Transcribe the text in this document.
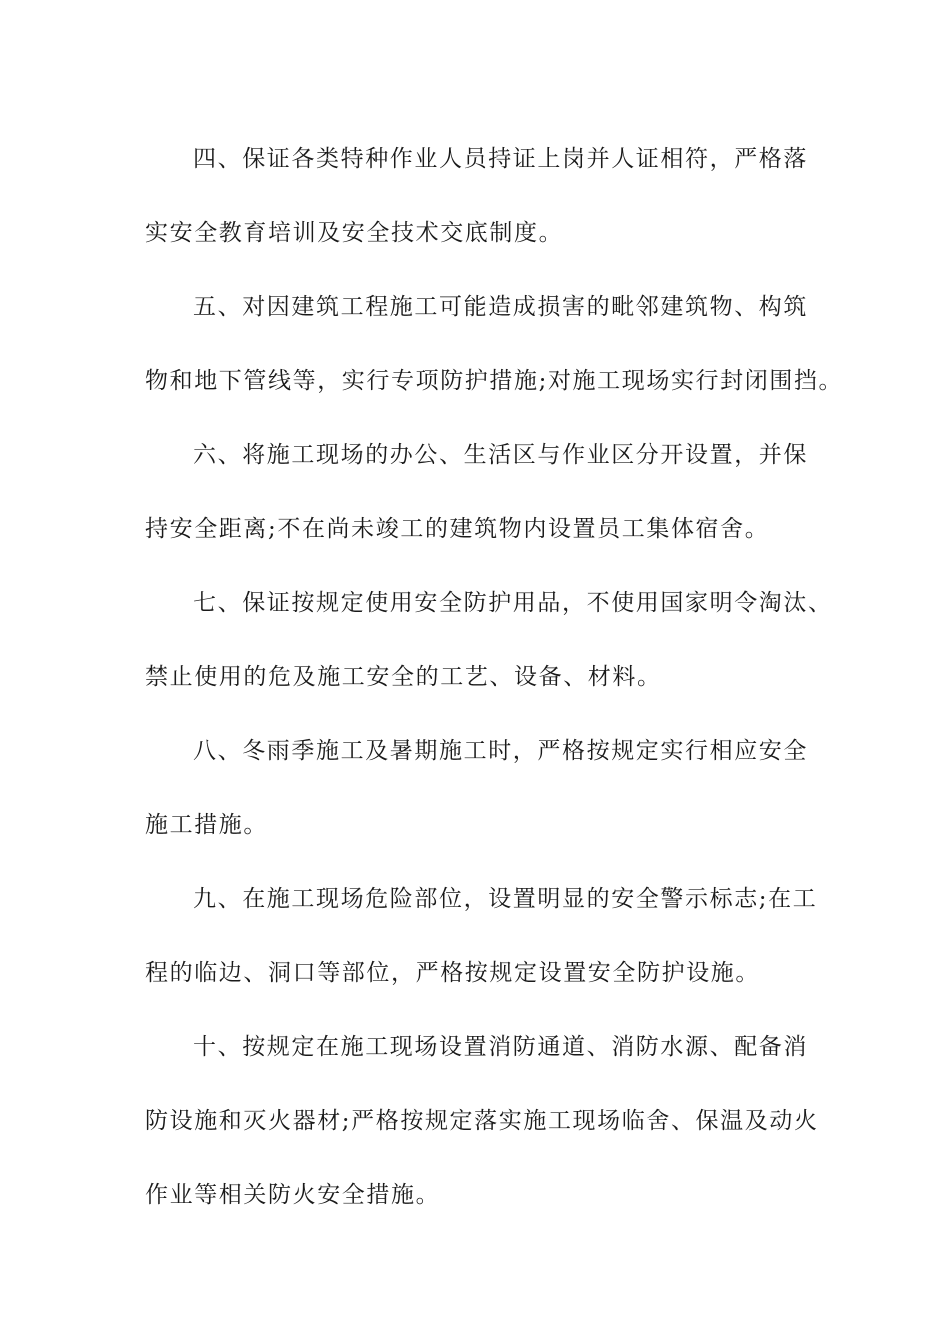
四、保证各类特种作业人员持证上岗并人证相符，严格落
实安全教育培训及安全技术交底制度。

五、对因建筑工程施工可能造成损害的毗邻建筑物、构筑
物和地下管线等，实行专项防护措施;对施工现场实行封闭围挡。

六、将施工现场的办公、生活区与作业区分开设置，并保
持安全距离;不在尚未竣工的建筑物内设置员工集体宿舍。

七、保证按规定使用安全防护用品，不使用国家明令淘汰、
禁止使用的危及施工安全的工艺、设备、材料。

八、冬雨季施工及暑期施工时，严格按规定实行相应安全
施工措施。

九、在施工现场危险部位，设置明显的安全警示标志;在工
程的临边、洞口等部位，严格按规定设置安全防护设施。

十、按规定在施工现场设置消防通道、消防水源、配备消
防设施和灭火器材;严格按规定落实施工现场临舍、保温及动火
作业等相关防火安全措施。
